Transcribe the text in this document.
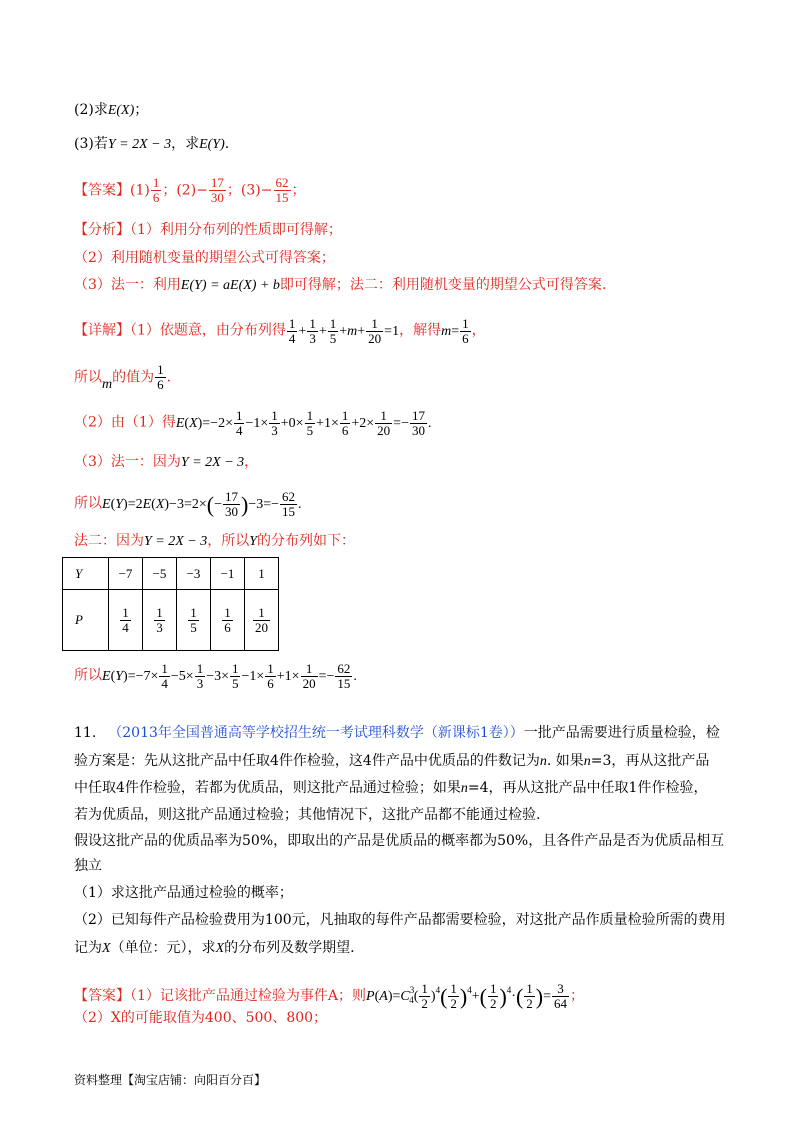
(2)求E(X)；
(3)若Y = 2X − 3，求E(Y).
【答案】$(1) \frac{1}{6}$ ；$(2)- \frac{17}{30}$ ；$(3)- \frac{62}{15}$ ；
【分析】（1）利用分布列的性质即可得解；
（2）利用随机变量的期望公式可得答案；
（3）法一：利用E(Y) = aE(X) + b即可得解；法二：利用随机变量的期望公式可得答案.
【详解】（1）依题意，由分布列得 $\frac{1}{4} + \frac{1}{3} + \frac{1}{5} +m+ \frac{1}{20} =1$，解得$m= \frac{1}{6}$ ，
所以m的值为 $\frac{1}{6}$ .
（2）由（1）得$E(X)=-2\times \frac{1}{4} -1\times \frac{1}{3} +0\times \frac{1}{5} +1\times \frac{1}{6} +2\times \frac{1}{20} =- \frac{17}{30}$ .
（3）法一：因为Y = 2X − 3，
所以$E(Y)=2E(X)-3=2\times(- \frac{17}{30} )-3=- \frac{62}{15}$ .
法二：因为Y = 2X − 3，所以Y的分布列如下：
Y	−7	−5	−3	−1	1
P	$\frac{1}{4}$	$\frac{1}{3}$	$\frac{1}{5}$	$\frac{1}{6}$	$\frac{1}{20}$
所以$E(Y)=-7\times \frac{1}{4} -5\times \frac{1}{3} -3\times \frac{1}{5} -1\times \frac{1}{6} +1\times \frac{1}{20} =- \frac{62}{15}$ .
11. （2013年全国普通高等学校招生统一考试理科数学（新课标1卷））一批产品需要进行质量检验，检
验方案是：先从这批产品中任取4件作检验，这4件产品中优质品的件数记为n. 如果n=3，再从这批产品
中任取4件作检验，若都为优质品，则这批产品通过检验；如果n=4，再从这批产品中任取1件作检验，
若为优质品，则这批产品通过检验；其他情况下，这批产品都不能通过检验.
假设这批产品的优质品率为50%，即取出的产品是优质品的概率都为50%，且各件产品是否为优质品相互
独立
（1）求这批产品通过检验的概率；
（2）已知每件产品检验费用为100元，凡抽取的每件产品都需要检验，对这批产品作质量检验所需的费用
记为X（单位：元），求X的分布列及数学期望.
【答案】（1）记该批产品通过检验为事件A；则$P(A)=C^3_4( \frac{1}{2} )^4( \frac{1}{2} )^4+( \frac{1}{2} )^4\cdot( \frac{1}{2}$ )= $\frac{3}{64}$ ；
（2）X的可能取值为400、500、800；
资料整理【淘宝店铺：向阳百分百】
